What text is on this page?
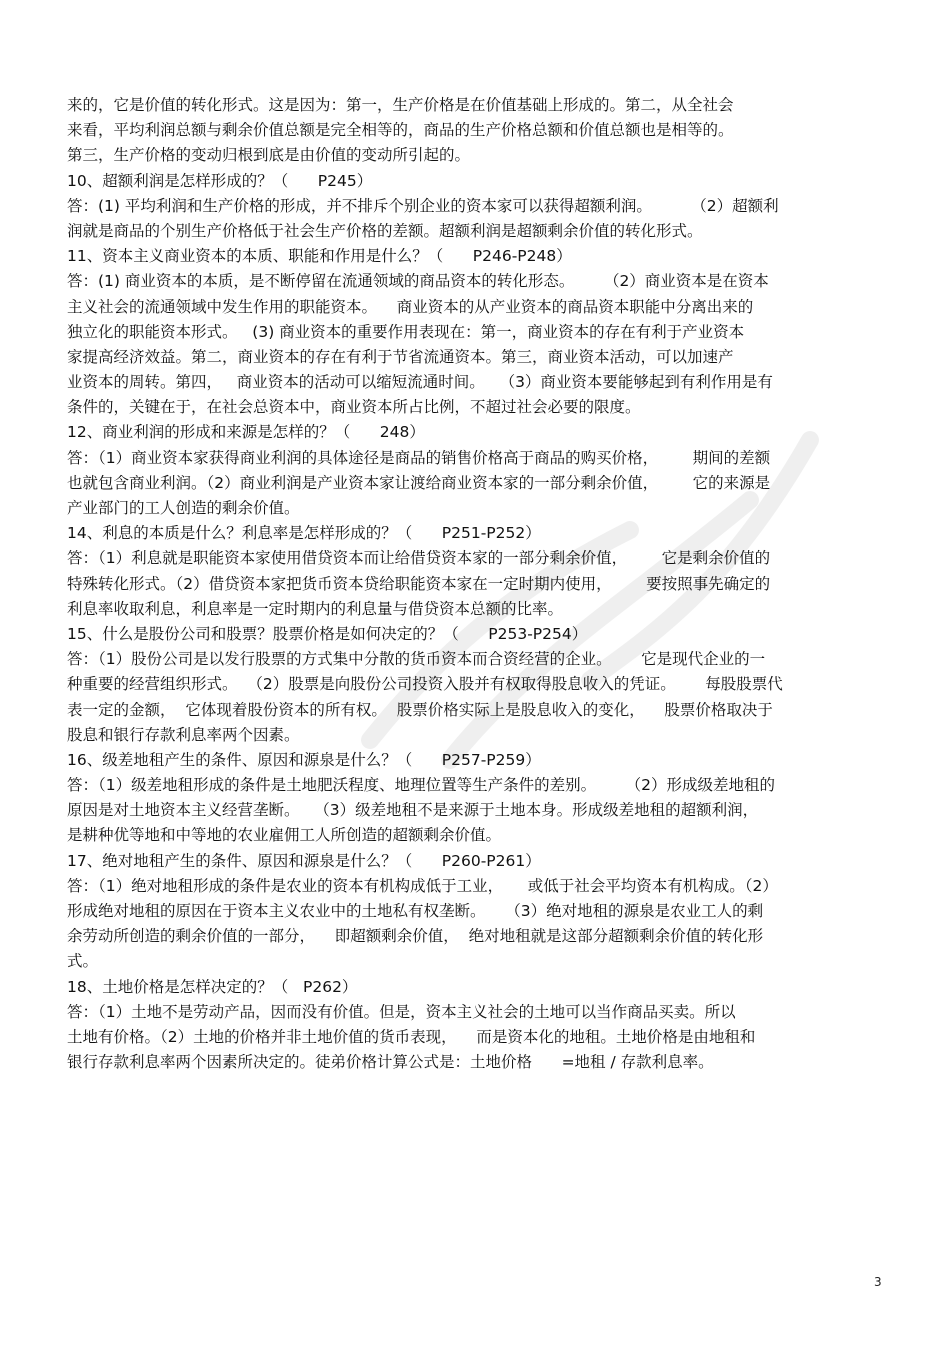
来的，它是价值的转化形式。这是因为：第一，生产价格是在价值基础上形成的。第二，从全社会
来看，平均利润总额与剩余价值总额是完全相等的，商品的生产价格总额和价值总额也是相等的。
第三，生产价格的变动归根到底是由价值的变动所引起的。
10、超额利润是怎样形成的？（      P245）
答：(1) 平均利润和生产价格的形成，并不排斥个别企业的资本家可以获得超额利润。        （2）超额利
润就是商品的个别生产价格低于社会生产价格的差额。超额利润是超额剩余价值的转化形式。
11、资本主义商业资本的本质、职能和作用是什么？（      P246-P248）
答：(1) 商业资本的本质，是不断停留在流通领域的商品资本的转化形态。      （2）商业资本是在资本
主义社会的流通领域中发生作用的职能资本。    商业资本的从产业资本的商品资本职能中分离出来的
独立化的职能资本形式。   (3) 商业资本的重要作用表现在：第一，商业资本的存在有利于产业资本
家提高经济效益。第二，商业资本的存在有利于节省流通资本。第三，商业资本活动，可以加速产
业资本的周转。第四，   商业资本的活动可以缩短流通时间。   （3）商业资本要能够起到有利作用是有
条件的，关键在于，在社会总资本中，商业资本所占比例，不超过社会必要的限度。
12、商业利润的形成和来源是怎样的？（      248）
答：（1）商业资本家获得商业利润的具体途径是商品的销售价格高于商品的购买价格，       期间的差额
也就包含商业利润。（2）商业利润是产业资本家让渡给商业资本家的一部分剩余价值，       它的来源是
产业部门的工人创造的剩余价值。
14、利息的本质是什么？利息率是怎样形成的？（      P251-P252）
答：（1）利息就是职能资本家使用借贷资本而让给借贷资本家的一部分剩余价值，       它是剩余价值的
特殊转化形式。（2）借贷资本家把货币资本贷给职能资本家在一定时期内使用，       要按照事先确定的
利息率收取利息，利息率是一定时期内的利息量与借贷资本总额的比率。
15、什么是股份公司和股票？股票价格是如何决定的？（      P253-P254）
答：（1）股份公司是以发行股票的方式集中分散的货币资本而合资经营的企业。      它是现代企业的一
种重要的经营组织形式。  （2）股票是向股份公司投资入股并有权取得股息收入的凭证。      每股股票代
表一定的金额，  它体现着股份资本的所有权。  股票价格实际上是股息收入的变化，    股票价格取决于
股息和银行存款利息率两个因素。
16、级差地租产生的条件、原因和源泉是什么？（      P257-P259）
答：（1）级差地租形成的条件是土地肥沃程度、地理位置等生产条件的差别。      （2）形成级差地租的
原因是对土地资本主义经营垄断。   （3）级差地租不是来源于土地本身。形成级差地租的超额利润，
是耕种优等地和中等地的农业雇佣工人所创造的超额剩余价值。
17、绝对地租产生的条件、原因和源泉是什么？（      P260-P261）
答：（1）绝对地租形成的条件是农业的资本有机构成低于工业，     或低于社会平均资本有机构成。（2）
形成绝对地租的原因在于资本主义农业中的土地私有权垄断。    （3）绝对地租的源泉是农业工人的剩
余劳动所创造的剩余价值的一部分，    即超额剩余价值，  绝对地租就是这部分超额剩余价值的转化形
式。
18、土地价格是怎样决定的？（   P262）
答：（1）土地不是劳动产品，因而没有价值。但是，资本主义社会的土地可以当作商品买卖。所以
土地有价格。（2）土地的价格并非土地价值的货币表现，    而是资本化的地租。土地价格是由地租和
银行存款利息率两个因素所决定的。徒弟价格计算公式是：土地价格      =地租 / 存款利息率。
3
